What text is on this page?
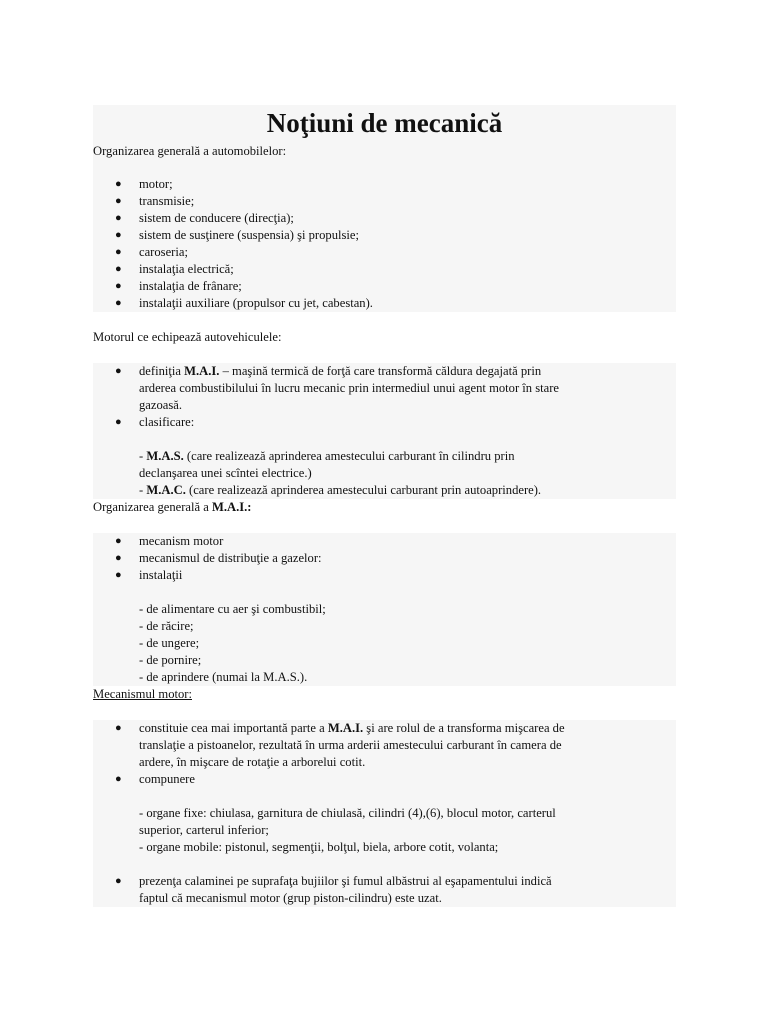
Noţiuni de mecanică

Organizarea generală a automobilelor:

● motor;
● transmisie;
● sistem de conducere (direcţia);
● sistem de susţinere (suspensia) şi propulsie;
● caroseria;
● instalaţia electrică;
● instalaţia de frânare;
● instalaţii auxiliare (propulsor cu jet, cabestan).

Motorul ce echipează autovehiculele:

● definiţia M.A.I. – maşină termică de forţă care transformă căldura degajată prin
arderea combustibilului în lucru mecanic prin intermediul unui agent motor în stare
gazoasă.
● clasificare:
- M.A.S. (care realizează aprinderea amestecului carburant în cilindru prin
declanşarea unei scîntei electrice.)
- M.A.C. (care realizează aprinderea amestecului carburant prin autoaprindere).

Organizarea generală a M.A.I.:

● mecanism motor
● mecanismul de distribuţie a gazelor:
● instalaţii
- de alimentare cu aer şi combustibil;
- de răcire;
- de ungere;
- de pornire;
- de aprindere (numai la M.A.S.).

Mecanismul motor:

● constituie cea mai importantă parte a M.A.I. şi are rolul de a transforma mişcarea de
translaţie a pistoanelor, rezultată în urma arderii amestecului carburant în camera de
ardere, în mişcare de rotaţie a arborelui cotit.
● compunere
- organe fixe: chiulasa, garnitura de chiulasă, cilindri (4),(6), blocul motor, carterul
superior, carterul inferior;
- organe mobile: pistonul, segmenţii, bolţul, biela, arbore cotit, volanta;
● prezenţa calaminei pe suprafaţa bujiilor şi fumul albăstrui al eşapamentului indică
faptul că mecanismul motor (grup piston-cilindru) este uzat.
